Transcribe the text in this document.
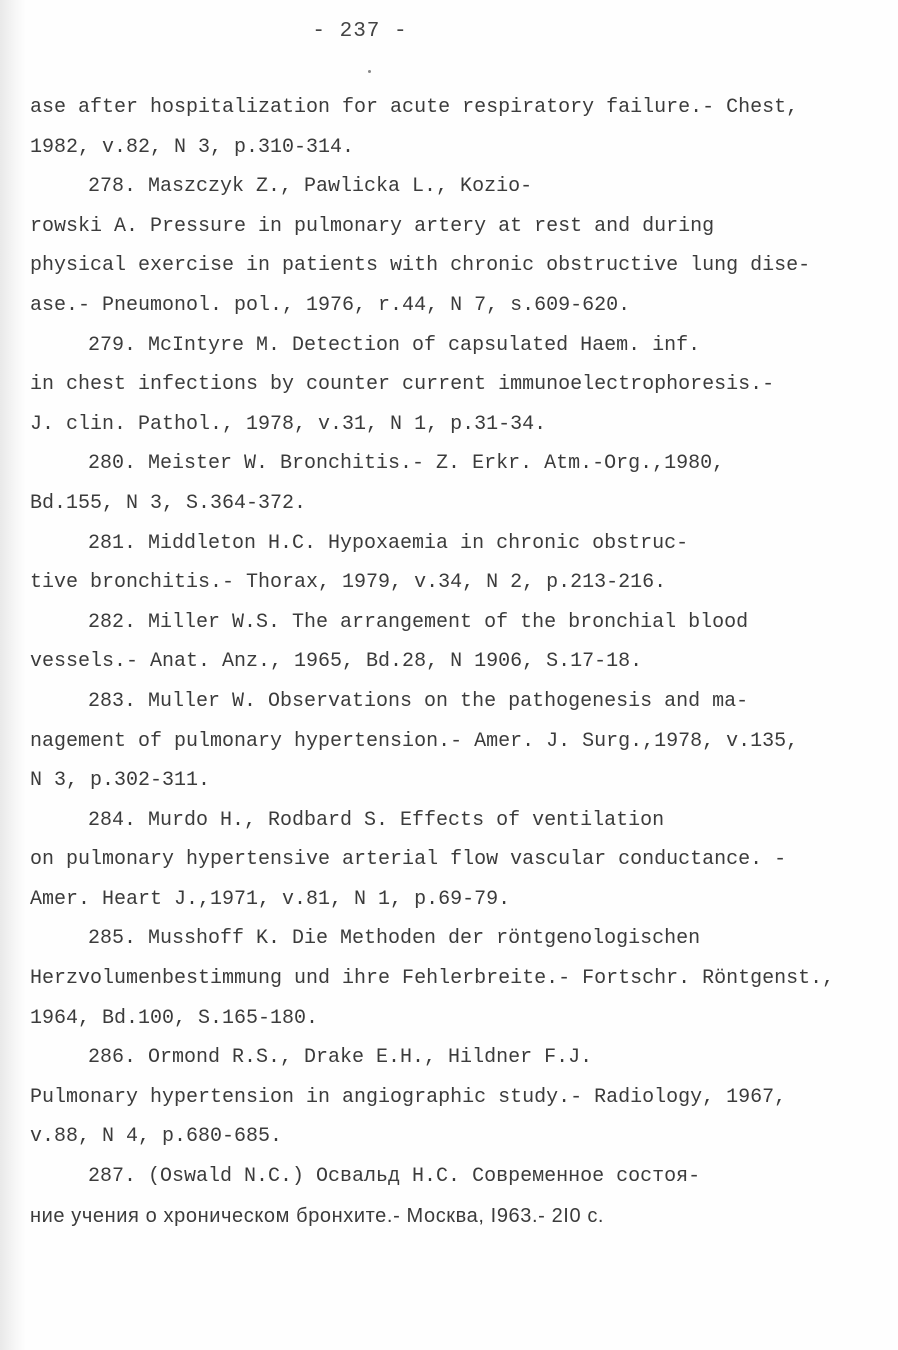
- 237 -
ase after hospitalization for acute respiratory failure.- Chest,
1982, v.82, N 3, p.310-314.
278. Maszczyk Z., Pawlicka L., Koziо-
rowski A. Pressure in pulmonary artery at rest and during
physical exercise in patients with chronic obstructive lung dise-
ase.- Pneumonol. pol., 1976, r.44, N 7, s.609-620.
279. McIntyre M. Detection of capsulated Haem. inf.
in chest infections by counter current immunoelectrophoresis.-
J. clin. Pathol., 1978, v.31, N 1, p.31-34.
280. Meister W. Bronchitis.- Z. Erkr. Atm.-Org.,1980,
Bd.155, N 3, S.364-372.
281. Middleton H.C. Hypoxaemia in chronic obstruc-
tive bronchitis.- Thorax, 1979, v.34, N 2, p.213-216.
282. Miller W.S. The arrangement of the bronchial blood
vessels.- Anat. Anz., 1965, Bd.28, N 1906, S.17-18.
283. Muller W. Observations on the pathogenesis and ma-
nagement of pulmonary hypertension.- Amer. J. Surg.,1978, v.135,
N 3, p.302-311.
284. Murdo H., Rodbard S. Effects of ventilation
on pulmonary hypertensive arterial flow vascular conductance. -
Amer. Heart J.,1971, v.81, N 1, p.69-79.
285. Musshoff K. Die Methoden der röntgenologischen
Herzvolumenbestimmung und ihre Fehlerbreite.- Fortschr. Röntgenst.,
1964, Bd.100, S.165-180.
286. Ormond R.S., Drake E.H., Hildner F.J.
Pulmonary hypertension in angiographic study.- Radiology, 1967,
v.88, N 4, p.680-685.
287. (Oswald N.C.) Освальд Н.С. Современное состоя-
ние учения о хроническом бронхите.- Москва, I963.- 2I0 с.
